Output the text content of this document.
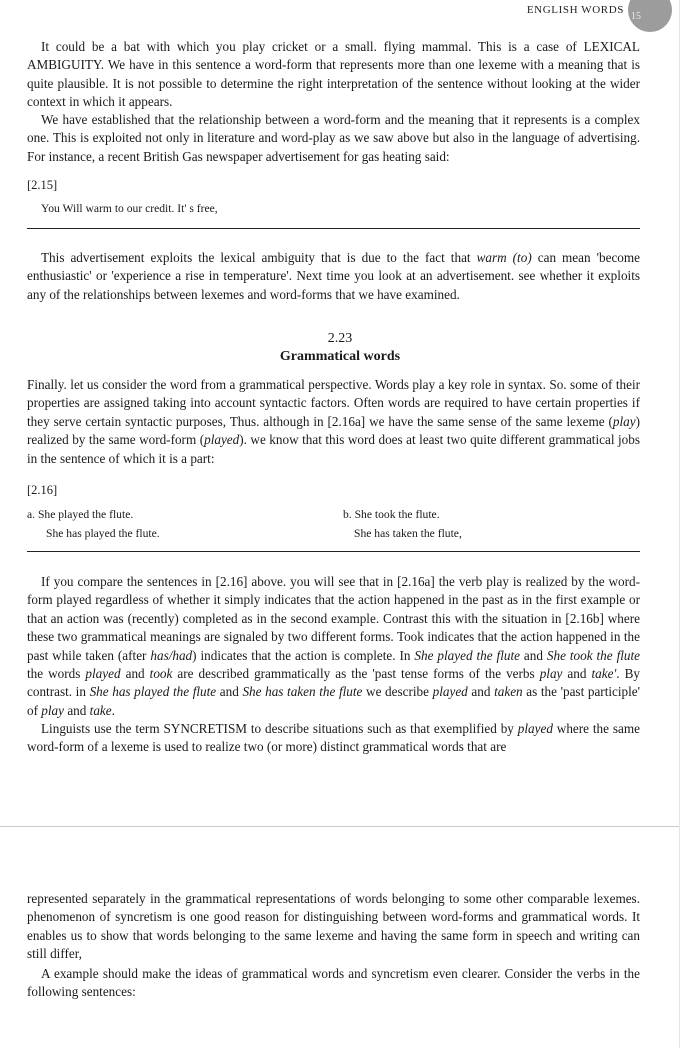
ENGLISH WORDS
15

It could be a bat with which you play cricket or a small. flying mammal. This is a case of LEXICAL AMBIGUITY. We have in this sentence a word-form that represents more than one lexeme with a meaning that is quite plausible. It is not possible to determine the right interpretation of the sentence without looking at the wider context in which it appears.

We have established that the relationship between a word-form and the meaning that it represents is a complex one. This is exploited not only in literature and word-play as we saw above but also in the language of advertising. For instance, a recent British Gas newspaper advertisement for gas heating said:

[2.15]
You Will warm to our credit. It' s free,

This advertisement exploits the lexical ambiguity that is due to the fact that warm (to) can mean 'become enthusiastic' or 'experience a rise in temperature'. Next time you look at an advertisement. see whether it exploits any of the relationships between lexemes and word-forms that we have examined.

2.23
Grammatical words

Finally. let us consider the word from a grammatical perspective. Words play a key role in syntax. So. some of their properties are assigned taking into account syntactic factors. Often words are required to have certain properties if they serve certain syntactic purposes, Thus. although in [2.16a] we have the same sense of the same lexeme (play) realized by the same word-form (played). we know that this word does at least two quite different grammatical jobs in the sentence of which it is a part:

[2.16]
a. She played the flute.
She has played the flute.
b. She took the flute.
She has taken the flute,

If you compare the sentences in [2.16] above. you will see that in [2.16a] the verb play is realized by the word-form played regardless of whether it simply indicates that the action happened in the past as in the first example or that an action was (recently) completed as in the second example. Contrast this with the situation in [2.16b] where these two grammatical meanings are signaled by two different forms. Took indicates that the action happened in the past while taken (after has/had) indicates that the action is complete. In She played the flute and She took the flute the words played and took are described grammatically as the 'past tense forms of the verbs play and take'. By contrast. in She has played the flute and She has taken the flute we describe played and taken as the 'past participle' of play and take.

Linguists use the term SYNCRETISM to describe situations such as that exemplified by played where the same word-form of a lexeme is used to realize two (or more) distinct grammatical words that are

represented separately in the grammatical representations of words belonging to some other comparable lexemes. phenomenon of syncretism is one good reason for distinguishing between word-forms and grammatical words. It enables us to show that words belonging to the same lexeme and having the same form in speech and writing can still differ,

A example should make the ideas of grammatical words and syncretism even clearer. Consider the verbs in the following sentences:
